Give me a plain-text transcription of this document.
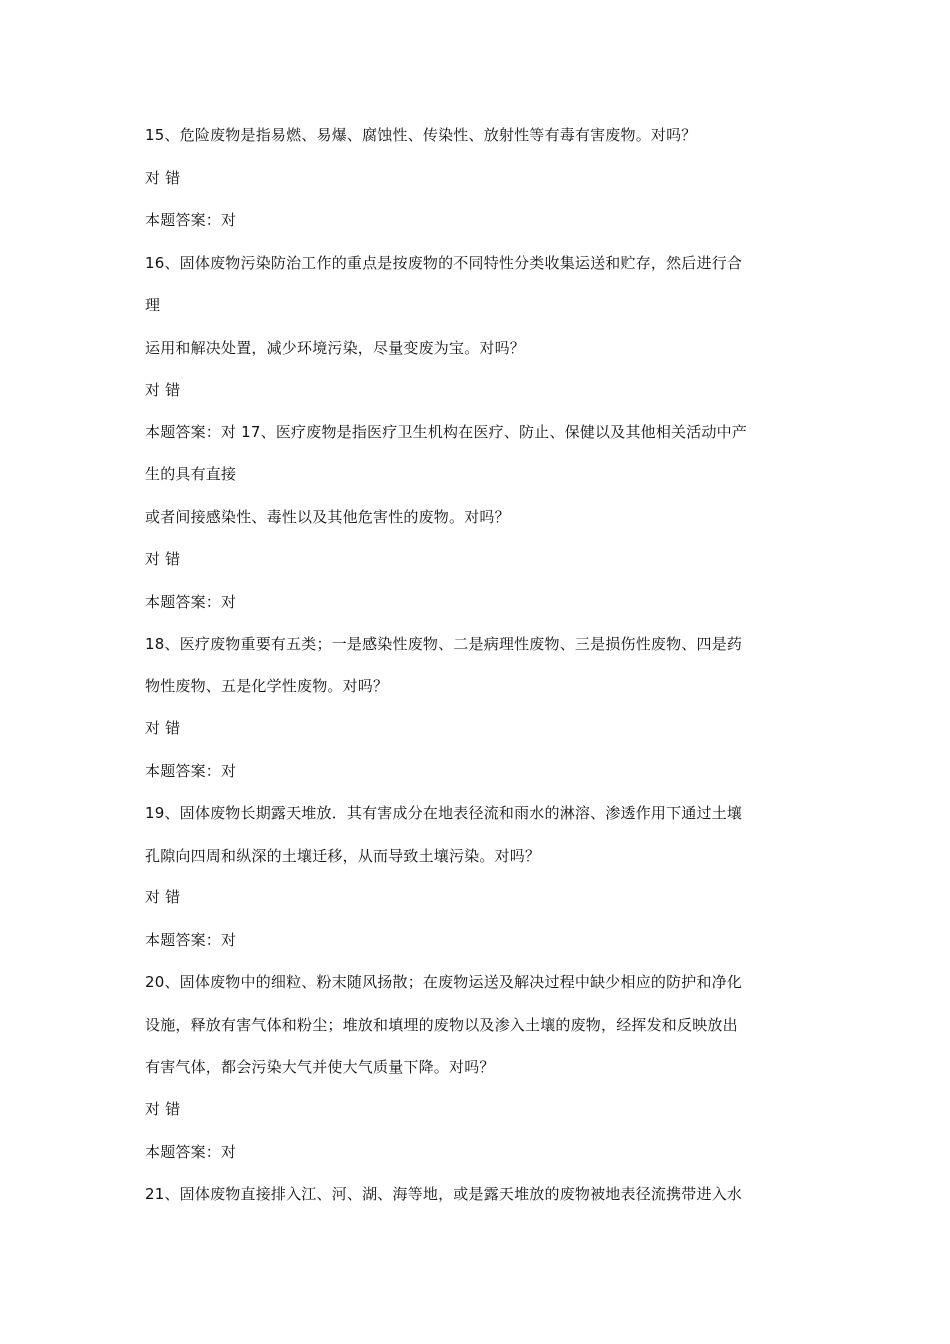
15、危险废物是指易燃、易爆、腐蚀性、传染性、放射性等有毒有害废物。对吗？
对 错
本题答案：对
16、固体废物污染防治工作的重点是按废物的不同特性分类收集运送和贮存，然后进行合
理
运用和解决处置，减少环境污染，尽量变废为宝。对吗？
对 错
本题答案：对 17、医疗废物是指医疗卫生机构在医疗、防止、保健以及其他相关活动中产
生的具有直接
或者间接感染性、毒性以及其他危害性的废物。对吗？
对 错
本题答案：对
18、医疗废物重要有五类；一是感染性废物、二是病理性废物、三是损伤性废物、四是药
物性废物、五是化学性废物。对吗？
对 错
本题答案：对
19、固体废物长期露天堆放．其有害成分在地表径流和雨水的淋溶、渗透作用下通过土壤
孔隙向四周和纵深的土壤迁移，从而导致土壤污染。对吗？
对 错
本题答案：对
20、固体废物中的细粒、粉末随风扬散；在废物运送及解决过程中缺少相应的防护和净化
设施，释放有害气体和粉尘；堆放和填埋的废物以及渗入土壤的废物，经挥发和反映放出
有害气体，都会污染大气并使大气质量下降。对吗？
对 错
本题答案：对
21、固体废物直接排入江、河、湖、海等地，或是露天堆放的废物被地表径流携带进入水
